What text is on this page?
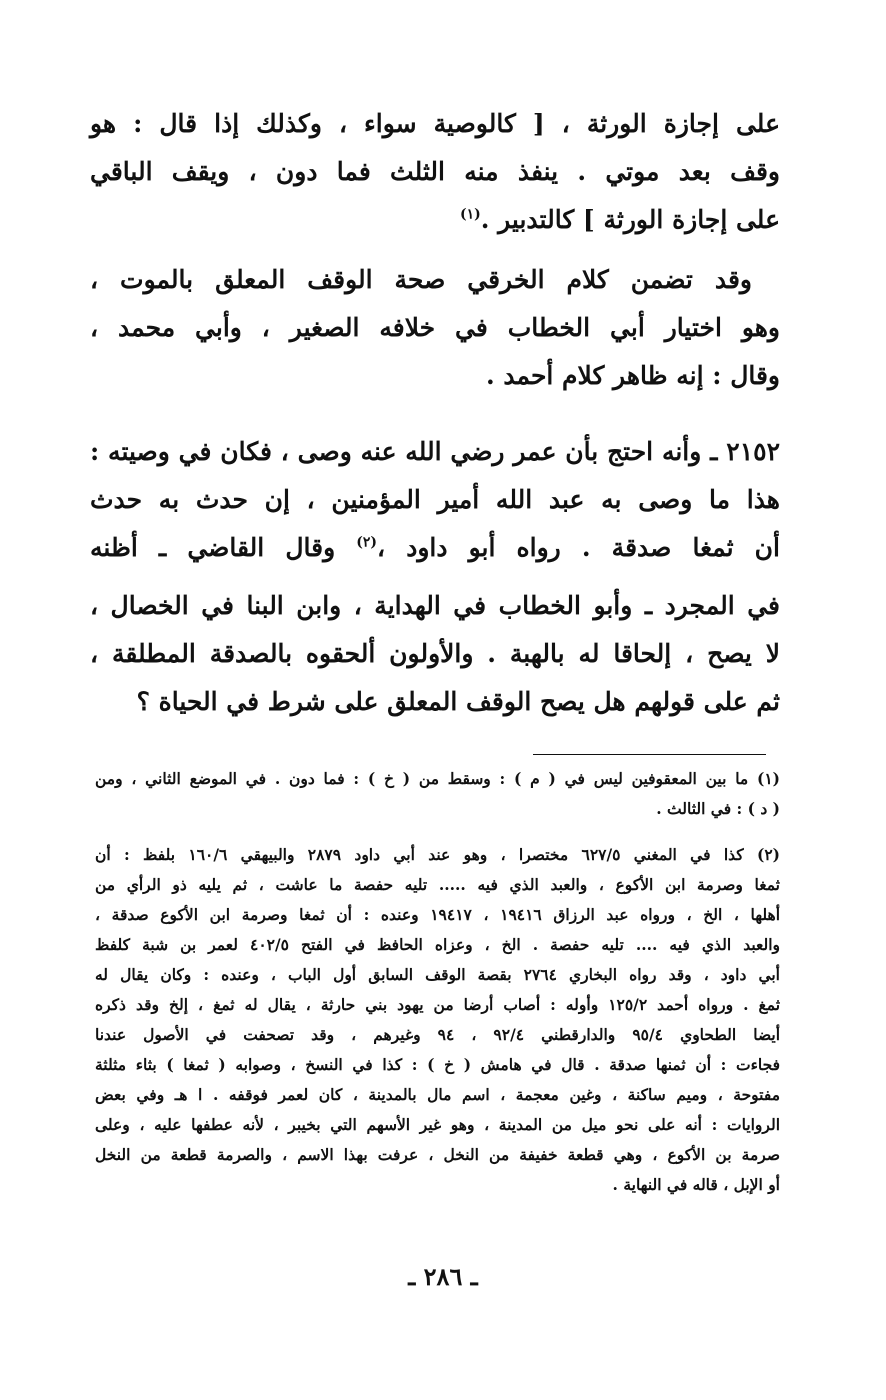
على إجازة الورثة ، [ كالوصية سواء ، وكذلك إذا قال : هو
وقف بعد موتي . ينفذ منه الثلث فما دون ، ويقف الباقي
على إجازة الورثة ] كالتدبير .$^{(١)}$
وقد تضمن كلام الخرقي صحة الوقف المعلق بالموت ،
وهو اختيار أبي الخطاب في خلافه الصغير ، وأبي محمد ،
وقال : إنه ظاهر كلام أحمد .
٢١٥٢ ـ وأنه احتج بأن عمر رضي الله عنه وصى ، فكان في وصيته :
هذا ما وصى به عبد الله أمير المؤمنين ، إن حدث به حدث
أن ثمغا صدقة . رواه أبو داود ،$^{(٢)}$ وقال القاضي ـ أظنه
في المجرد ـ وأبو الخطاب في الهداية ، وابن البنا في الخصال ،
لا يصح ، إلحاقا له بالهبة . والأولون ألحقوه بالصدقة المطلقة ،
ثم على قولهم هل يصح الوقف المعلق على شرط في الحياة ؟
(١) ما بين المعقوفين ليس في ( م ) : وسقط من ( خ ) : فما دون . في الموضع الثاني ، ومن
( د ) : في الثالث .
(٢) كذا في المغني ٦٢٧/٥ مختصرا ، وهو عند أبي داود ٢٨٧٩ والبيهقي ١٦٠/٦ بلفظ : أن
ثمغا وصرمة ابن الأكوع ، والعبد الذي فيه ..... تليه حفصة ما عاشت ، ثم يليه ذو الرأي من
أهلها ، الخ ، ورواه عبد الرزاق ١٩٤١٦ ، ١٩٤١٧ وعنده : أن ثمغا وصرمة ابن الأكوع صدقة ،
والعبد الذي فيه .... تليه حفصة . الخ ، وعزاه الحافظ في الفتح ٤٠٢/٥ لعمر بن شبة كلفظ
أبي داود ، وقد رواه البخاري ٢٧٦٤ بقصة الوقف السابق أول الباب ، وعنده : وكان يقال له
ثمغ . ورواه أحمد ١٢٥/٢ وأوله : أصاب أرضا من يهود بني حارثة ، يقال له ثمغ ، إلخ وقد ذكره
أيضا الطحاوي ٩٥/٤ والدارقطني ٩٢/٤ ، ٩٤ وغيرهم ، وقد تصحفت في الأصول عندنا
فجاءت : أن ثمنها صدقة . قال في هامش ( خ ) : كذا في النسخ ، وصوابه ( ثمغا ) بثاء مثلثة
مفتوحة ، وميم ساكنة ، وغين معجمة ، اسم مال بالمدينة ، كان لعمر فوقفه . ا هـ وفي بعض
الروايات : أنه على نحو ميل من المدينة ، وهو غير الأسهم التي بخيبر ، لأنه عطفها عليه ، وعلى
صرمة بن الأكوع ، وهي قطعة خفيفة من النخل ، عرفت بهذا الاسم ، والصرمة قطعة من النخل
أو الإبل ، قاله في النهاية .
ـ ٢٨٦ ـ
